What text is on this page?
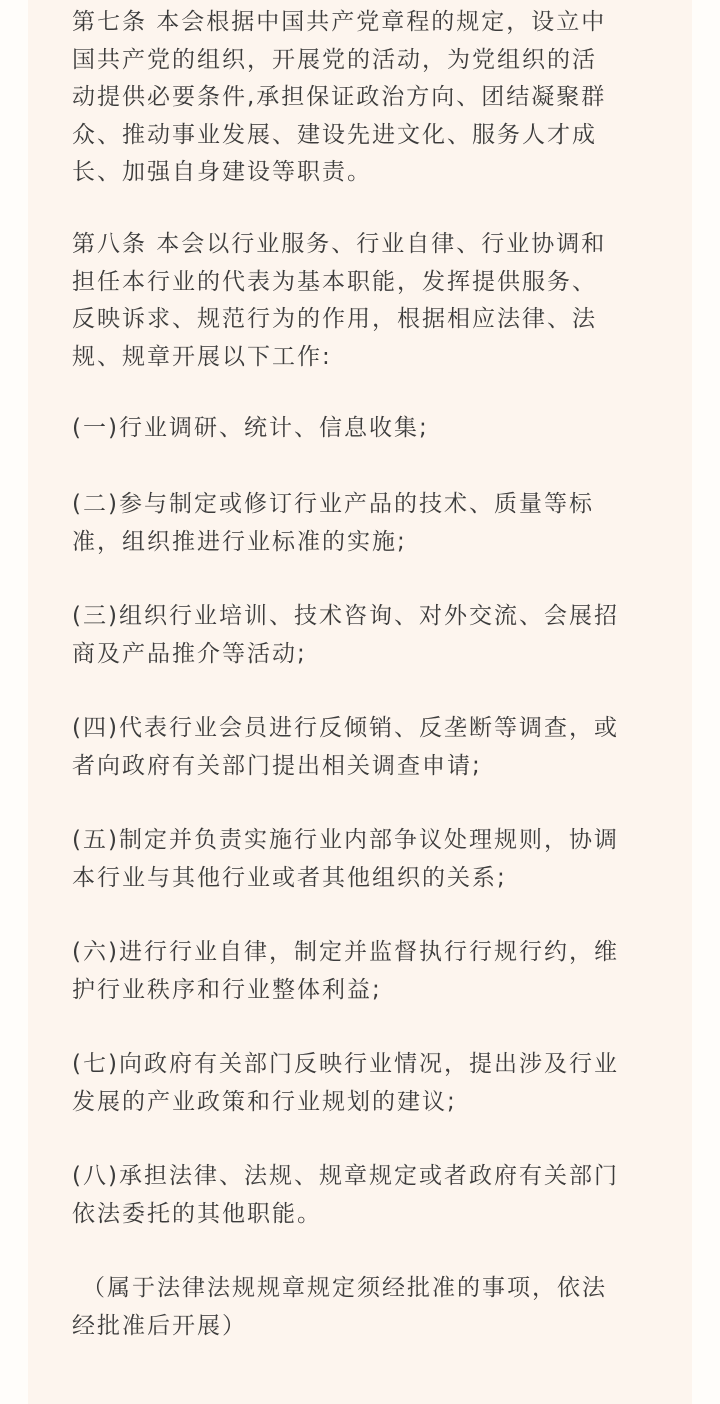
第七条 本会根据中国共产党章程的规定，设立中
国共产党的组织，开展党的活动，为党组织的活
动提供必要条件,承担保证政治方向、团结凝聚群
众、推动事业发展、建设先进文化、服务人才成
长、加强自身建设等职责。
第八条 本会以行业服务、行业自律、行业协调和
担任本行业的代表为基本职能，发挥提供服务、
反映诉求、规范行为的作用，根据相应法律、法
规、规章开展以下工作:
(一)行业调研、统计、信息收集;
(二)参与制定或修订行业产品的技术、质量等标
准，组织推进行业标准的实施;
(三)组织行业培训、技术咨询、对外交流、会展招
商及产品推介等活动;
(四)代表行业会员进行反倾销、反垄断等调查，或
者向政府有关部门提出相关调查申请;
(五)制定并负责实施行业内部争议处理规则，协调
本行业与其他行业或者其他组织的关系;
(六)进行行业自律，制定并监督执行行规行约，维
护行业秩序和行业整体利益;
(七)向政府有关部门反映行业情况，提出涉及行业
发展的产业政策和行业规划的建议;
(八)承担法律、法规、规章规定或者政府有关部门
依法委托的其他职能。
（属于法律法规规章规定须经批准的事项，依法
经批准后开展）
